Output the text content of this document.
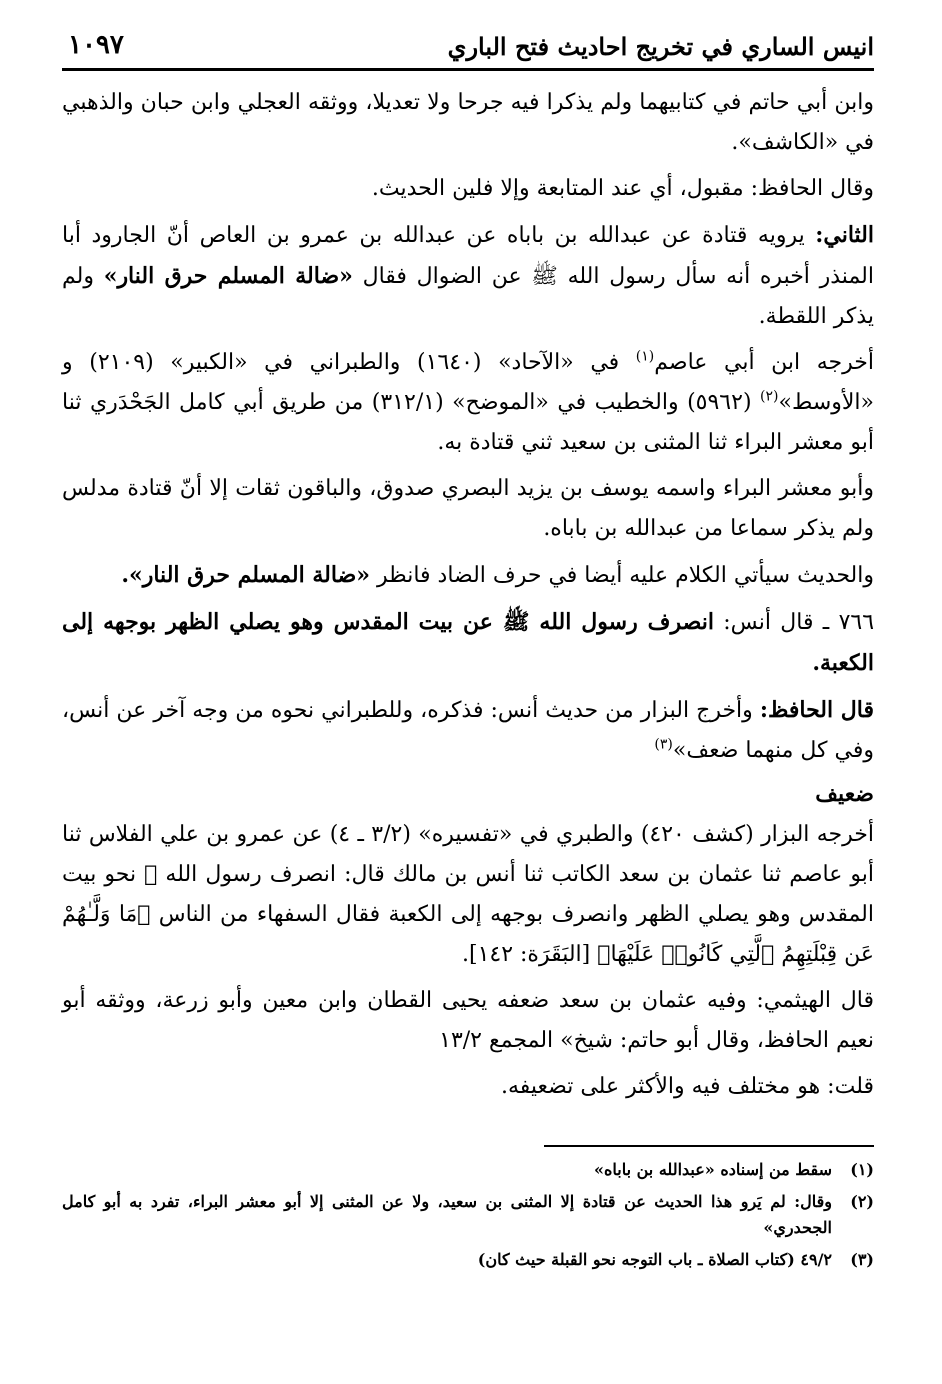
انيس الساري في تخريج احاديث فتح الباري
١٠٩٧

وابن أبي حاتم في كتابيهما ولم يذكرا فيه جرحا ولا تعديلا، ووثقه العجلي وابن حبان والذهبي في «الكاشف».

وقال الحافظ: مقبول، أي عند المتابعة وإلا فلين الحديث.

الثاني: يرويه قتادة عن عبدالله بن باباه عن عبدالله بن عمرو بن العاص أنّ الجارود أبا المنذر أخبره أنه سأل رسول الله ﷺ عن الضوال فقال «ضالة المسلم حرق النار» ولم يذكر اللقطة.

أخرجه ابن أبي عاصم$^{(١)}$ في «الآحاد» (١٦٤٠) والطبراني في «الكبير» (٢١٠٩) و «الأوسط»$^{(٢)}$ (٥٩٦٢) والخطيب في «الموضح» (٣١٢/١) من طريق أبي كامل الجَحْدَري ثنا أبو معشر البراء ثنا المثنى بن سعيد ثني قتادة به.

وأبو معشر البراء واسمه يوسف بن يزيد البصري صدوق، والباقون ثقات إلا أنّ قتادة مدلس ولم يذكر سماعا من عبدالله بن باباه.

والحديث سيأتي الكلام عليه أيضا في حرف الضاد فانظر «ضالة المسلم حرق النار».

٧٦٦ ـ قال أنس: انصرف رسول الله ﷺ عن بيت المقدس وهو يصلي الظهر بوجهه إلى الكعبة.

قال الحافظ: وأخرج البزار من حديث أنس: فذكره، وللطبراني نحوه من وجه آخر عن أنس، وفي كل منهما ضعف»$^{(٣)}$

ضعيف

أخرجه البزار (كشف ٤٢٠) والطبري في «تفسيره» (٣/٢ ـ ٤) عن عمرو بن علي الفلاس ثنا أبو عاصم ثنا عثمان بن سعد الكاتب ثنا أنس بن مالك قال: انصرف رسول الله ﷺ نحو بيت المقدس وهو يصلي الظهر وانصرف بوجهه إلى الكعبة فقال السفهاء من الناس ﴿مَا وَلَّـٰهُمْ عَن قِبْلَتِهِمُ ٱلَّتِي كَانُوا۟ عَلَيْهَا﴾ [البَقَرَة: ١٤٢].

قال الهيثمي: وفيه عثمان بن سعد ضعفه يحيى القطان وابن معين وأبو زرعة، ووثقه أبو نعيم الحافظ، وقال أبو حاتم: شيخ» المجمع ١٣/٢

قلت: هو مختلف فيه والأكثر على تضعيفه.

(١)
سقط من إسناده «عبدالله بن باباه»
(٢)
وقال: لم يَرو هذا الحديث عن قتادة إلا المثنى بن سعيد، ولا عن المثنى إلا أبو معشر البراء، تفرد به أبو كامل الجحدري»
(٣)
٤٩/٢ (كتاب الصلاة ـ باب التوجه نحو القبلة حيث كان)
